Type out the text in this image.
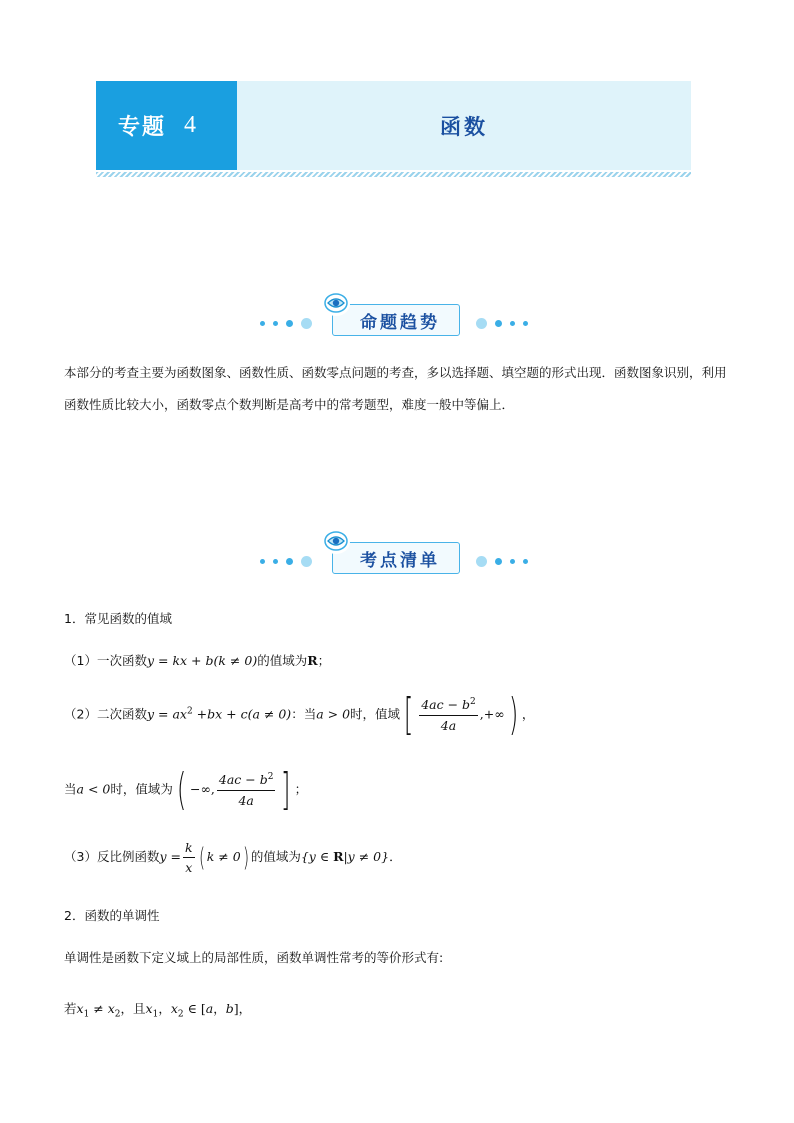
专题 4	函数
命题趋势
本部分的考查主要为函数图象、函数性质、函数零点问题的考查，多以选择题、填空题的形式出现．函数图象识别，利用函数性质比较大小，函数零点个数判断是高考中的常考题型，难度一般中等偏上．
考点清单
1．常见函数的值域
（1）一次函数y = kx + b(k ≠ 0)的值域为R；
（2）二次函数$y = ax^2 +bx + c(a \ne 0)$：当a > 0时，值域[ $\frac{4ac - b^2}{4a}$ ,+∞) ，
当a < 0时，值域为( −∞, $\frac{4ac - b^2}{4a}$ ] ；
（3）反比例函数$y = \frac{k}{x}$ ( k ≠ 0) 的值域为{y ∈ R|y ≠ 0}．
2．函数的单调性
单调性是函数下定义域上的局部性质，函数单调性常考的等价形式有:
若$x_1 \ne x_2$，且$x_1$，$x_2$ ∈ [a，b]，
